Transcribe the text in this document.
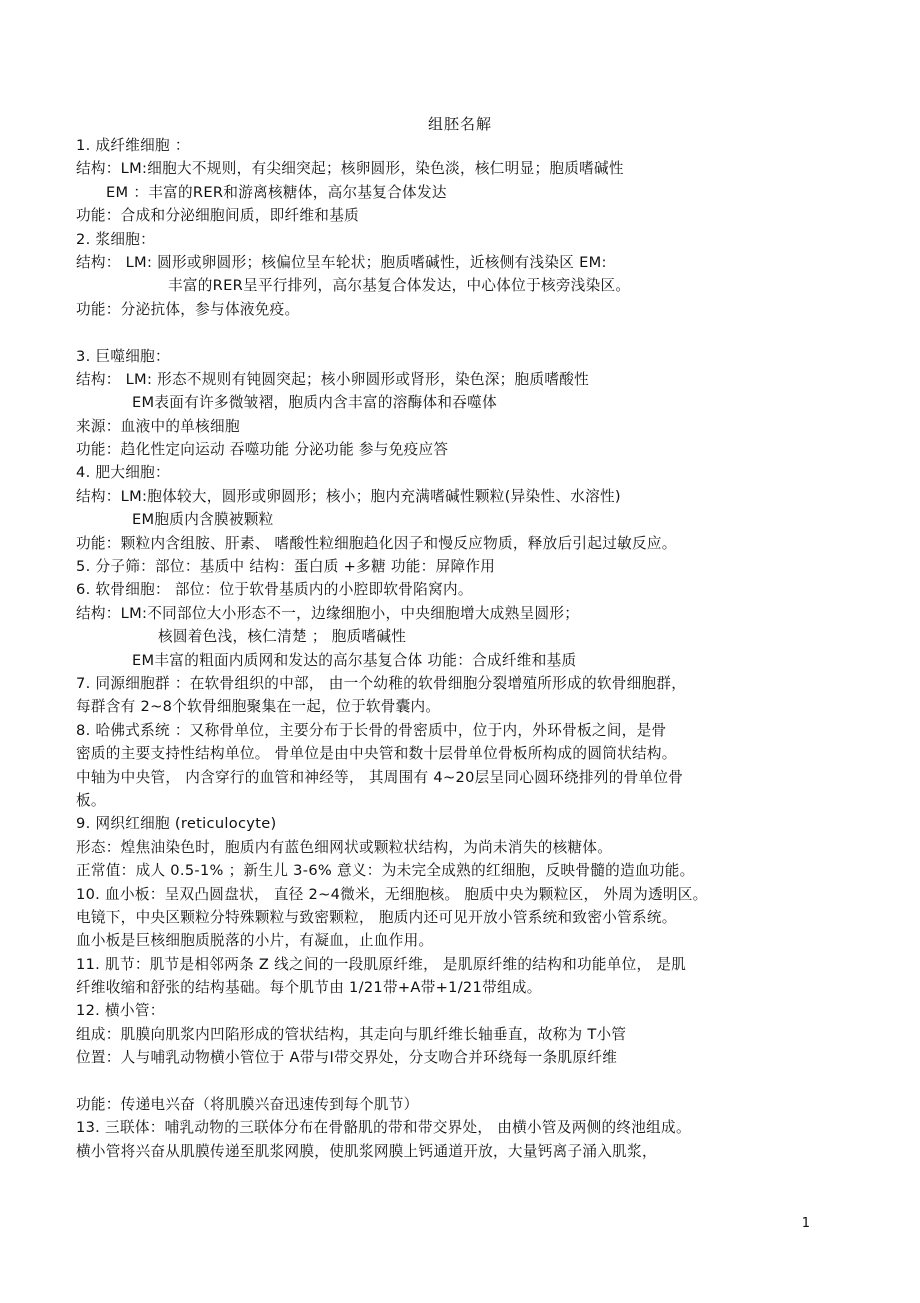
组胚名解
1. 成纤维细胞 ：
结构：LM:细胞大不规则，有尖细突起；核卵圆形，染色淡，核仁明显；胞质嗜碱性
EM ：丰富的RER和游离核糖体，高尔基复合体发达
功能：合成和分泌细胞间质，即纤维和基质
2. 浆细胞：
结构： LM: 圆形或卵圆形；核偏位呈车轮状；胞质嗜碱性，近核侧有浅染区 EM:
丰富的RER呈平行排列，高尔基复合体发达，中心体位于核旁浅染区。
功能：分泌抗体，参与体液免疫。
3. 巨噬细胞：
结构： LM: 形态不规则有钝圆突起；核小卵圆形或肾形，染色深；胞质嗜酸性
EM表面有许多微皱褶，胞质内含丰富的溶酶体和吞噬体
来源：血液中的单核细胞
功能：趋化性定向运动 吞噬功能 分泌功能 参与免疫应答
4. 肥大细胞：
结构：LM:胞体较大，圆形或卵圆形；核小；胞内充满嗜碱性颗粒(异染性、水溶性)
EM胞质内含膜被颗粒
功能：颗粒内含组胺、肝素、 嗜酸性粒细胞趋化因子和慢反应物质，释放后引起过敏反应。
5. 分子筛：部位：基质中 结构：蛋白质 +多糖 功能：屏障作用
6. 软骨细胞： 部位：位于软骨基质内的小腔即软骨陷窝内。
结构：LM:不同部位大小形态不一，边缘细胞小，中央细胞增大成熟呈圆形；
核圆着色浅，核仁清楚 ； 胞质嗜碱性
EM丰富的粗面内质网和发达的高尔基复合体 功能：合成纤维和基质
7. 同源细胞群 ：在软骨组织的中部， 由一个幼稚的软骨细胞分裂增殖所形成的软骨细胞群，
每群含有 2~8个软骨细胞聚集在一起，位于软骨囊内。
8. 哈佛式系统 ：又称骨单位，主要分布于长骨的骨密质中，位于内，外环骨板之间，是骨
密质的主要支持性结构单位。 骨单位是由中央管和数十层骨单位骨板所构成的圆筒状结构。
中轴为中央管， 内含穿行的血管和神经等， 其周围有 4~20层呈同心圆环绕排列的骨单位骨
板。
9. 网织红细胞 (reticulocyte)
形态：煌焦油染色时，胞质内有蓝色细网状或颗粒状结构，为尚未消失的核糖体。
正常值：成人 0.5-1% ；新生儿 3-6% 意义：为未完全成熟的红细胞，反映骨髓的造血功能。
10. 血小板：呈双凸圆盘状， 直径 2~4微米，无细胞核。 胞质中央为颗粒区， 外周为透明区。
电镜下，中央区颗粒分特殊颗粒与致密颗粒， 胞质内还可见开放小管系统和致密小管系统。
血小板是巨核细胞质脱落的小片，有凝血，止血作用。
11. 肌节：肌节是相邻两条 Z 线之间的一段肌原纤维， 是肌原纤维的结构和功能单位， 是肌
纤维收缩和舒张的结构基础。每个肌节由 1/21带+A带+1/21带组成。
12. 横小管：
组成：肌膜向肌浆内凹陷形成的管状结构，其走向与肌纤维长轴垂直，故称为 T小管
位置：人与哺乳动物横小管位于 A带与I带交界处，分支吻合并环绕每一条肌原纤维
功能：传递电兴奋（将肌膜兴奋迅速传到每个肌节）
13. 三联体：哺乳动物的三联体分布在骨骼肌的带和带交界处， 由横小管及两侧的终池组成。
横小管将兴奋从肌膜传递至肌浆网膜，使肌浆网膜上钙通道开放，大量钙离子涌入肌浆，
1
